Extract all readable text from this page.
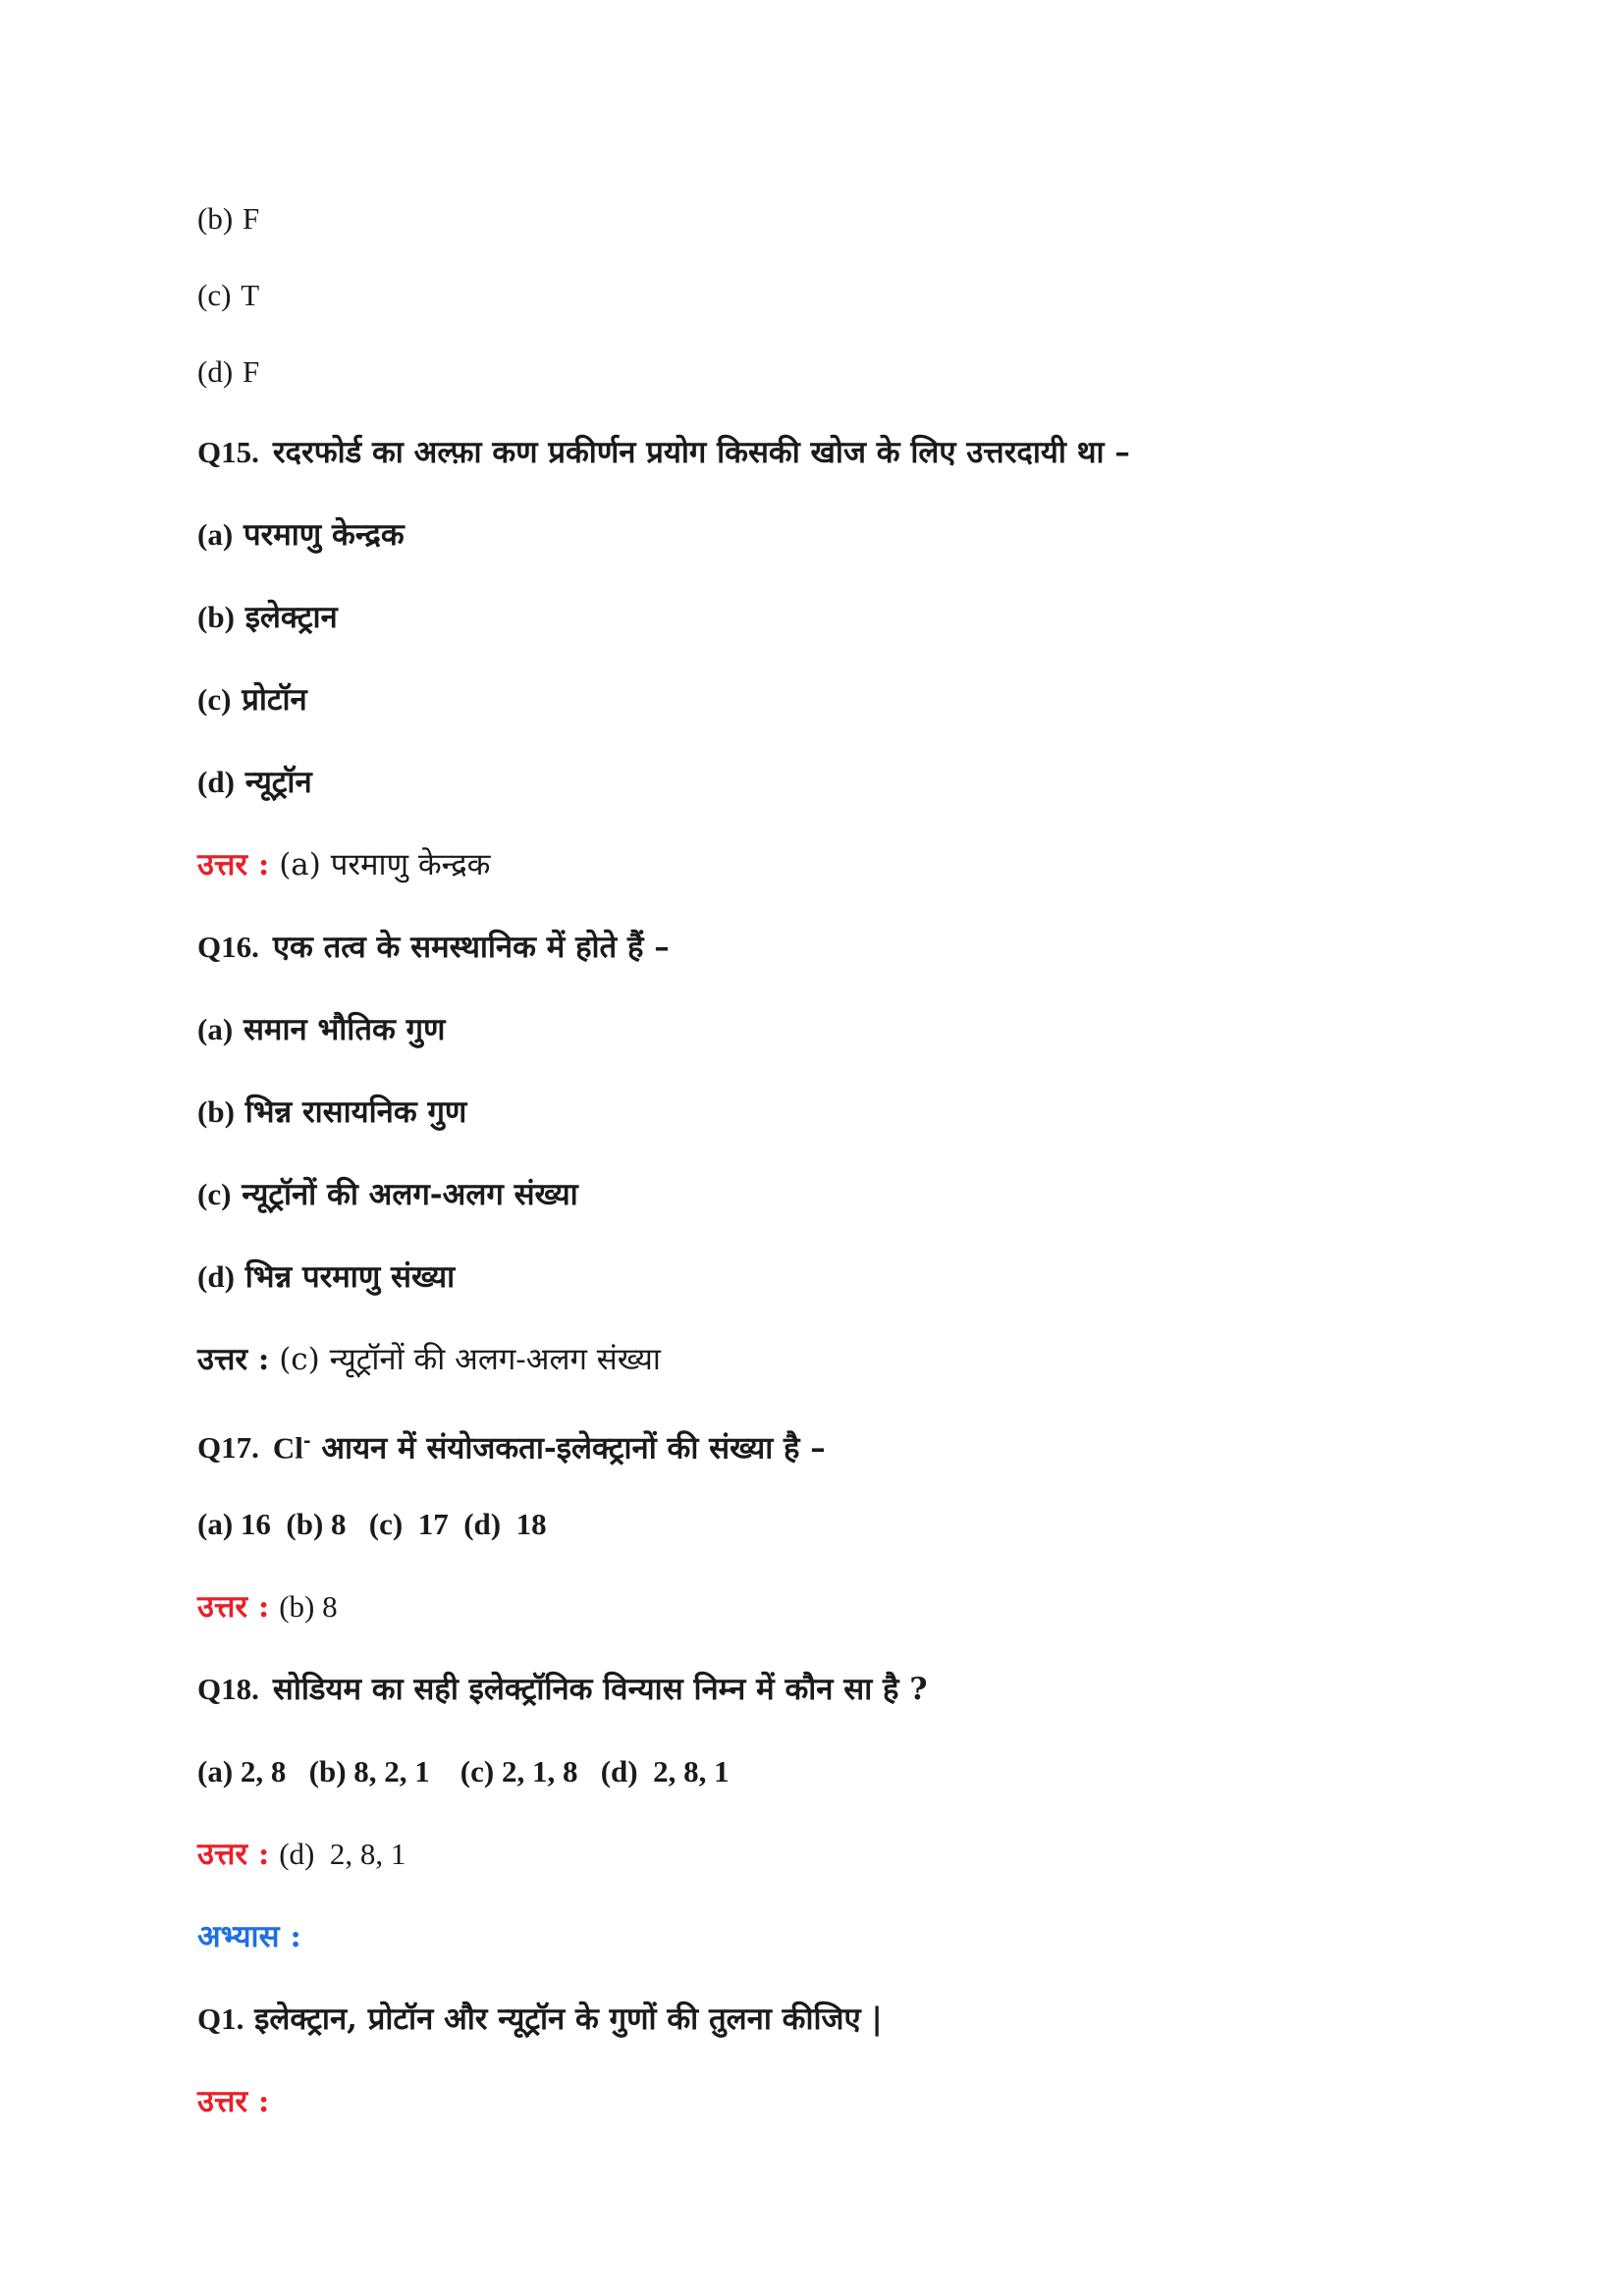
(b) F
(c) T
(d) F
Q15. रदरफोर्ड का अल्फ़ा कण प्रकीर्णन प्रयोग किसकी खोज के लिए उत्तरदायी था –
(a) परमाणु केन्द्रक
(b) इलेक्ट्रान
(c) प्रोटॉन
(d) न्यूट्रॉन
उत्तर : (a) परमाणु केन्द्रक
Q16. एक तत्व के समस्थानिक में होते हैं –
(a) समान भौतिक गुण
(b) भिन्न रासायनिक गुण
(c) न्यूट्रॉनों की अलग-अलग संख्या
(d) भिन्न परमाणु संख्या
उत्तर : (c) न्यूट्रॉनों की अलग-अलग संख्या
Q17. Cl- आयन में संयोजकता-इलेक्ट्रानों की संख्या है –
(a) 16  (b) 8   (c)  17  (d)  18
उत्तर : (b) 8
Q18. सोडियम का सही इलेक्ट्रॉनिक विन्यास निम्न में कौन सा है ?
(a) 2, 8   (b) 8, 2, 1    (c) 2, 1, 8   (d)  2, 8, 1
उत्तर : (d)  2, 8, 1
अभ्यास :
Q1. इलेक्ट्रान, प्रोटॉन और न्यूट्रॉन के गुणों की तुलना कीजिए |
उत्तर :
